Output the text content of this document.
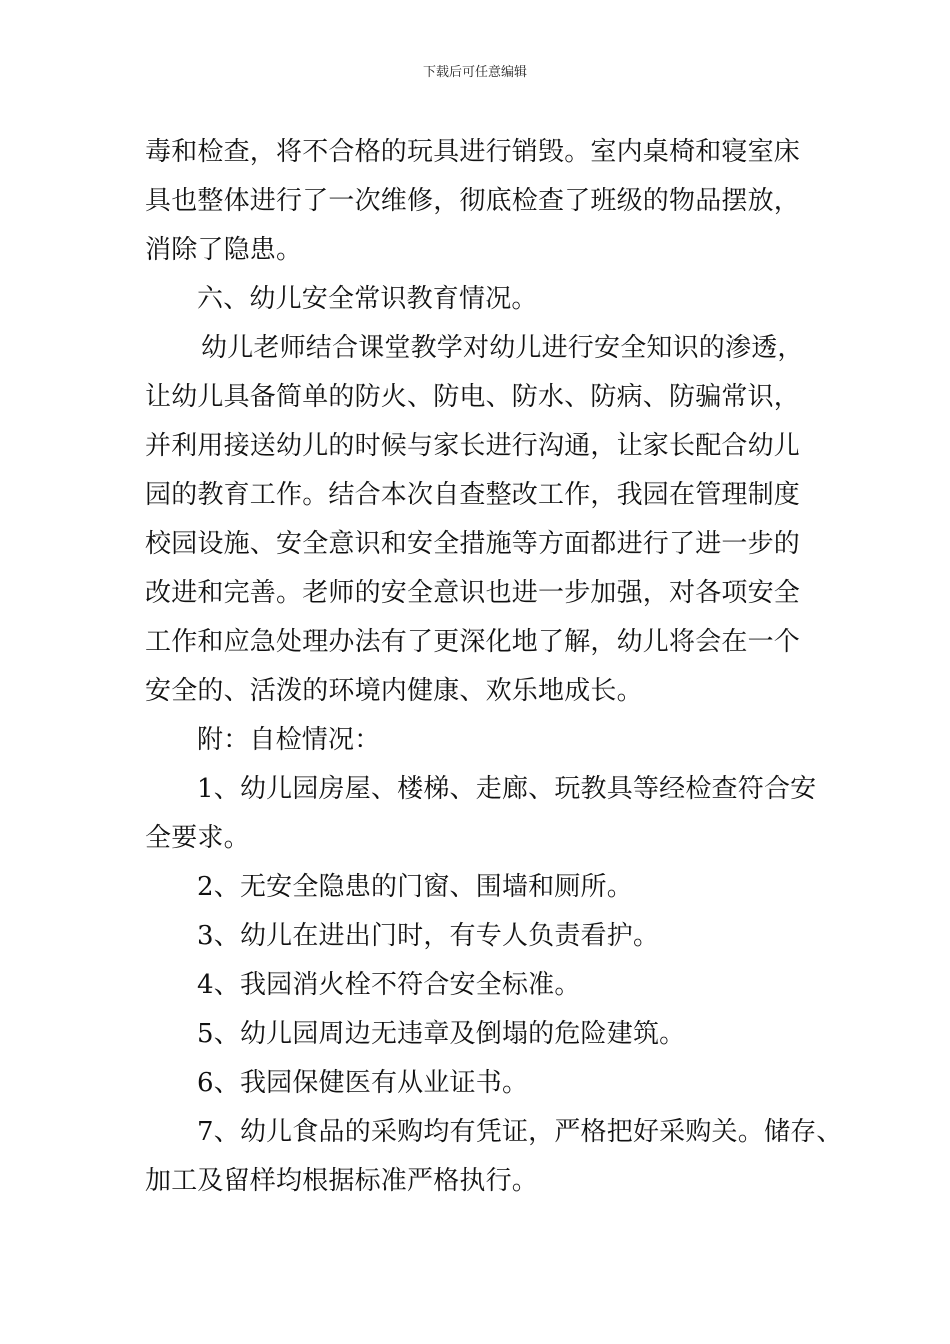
下载后可任意编辑
毒和检查，将不合格的玩具进行销毁。室内桌椅和寝室床
具也整体进行了一次维修，彻底检查了班级的物品摆放，
消除了隐患。
六、幼儿安全常识教育情况。
幼儿老师结合课堂教学对幼儿进行安全知识的渗透，
让幼儿具备简单的防火、防电、防水、防病、防骗常识，
并利用接送幼儿的时候与家长进行沟通，让家长配合幼儿
园的教育工作。结合本次自查整改工作，我园在管理制度
校园设施、安全意识和安全措施等方面都进行了进一步的
改进和完善。老师的安全意识也进一步加强，对各项安全
工作和应急处理办法有了更深化地了解，幼儿将会在一个
安全的、活泼的环境内健康、欢乐地成长。
附：自检情况：
1、幼儿园房屋、楼梯、走廊、玩教具等经检查符合安
全要求。
2、无安全隐患的门窗、围墙和厕所。
3、幼儿在进出门时，有专人负责看护。
4、我园消火栓不符合安全标准。
5、幼儿园周边无违章及倒塌的危险建筑。
6、我园保健医有从业证书。
7、幼儿食品的采购均有凭证，严格把好采购关。储存、
加工及留样均根据标准严格执行。
